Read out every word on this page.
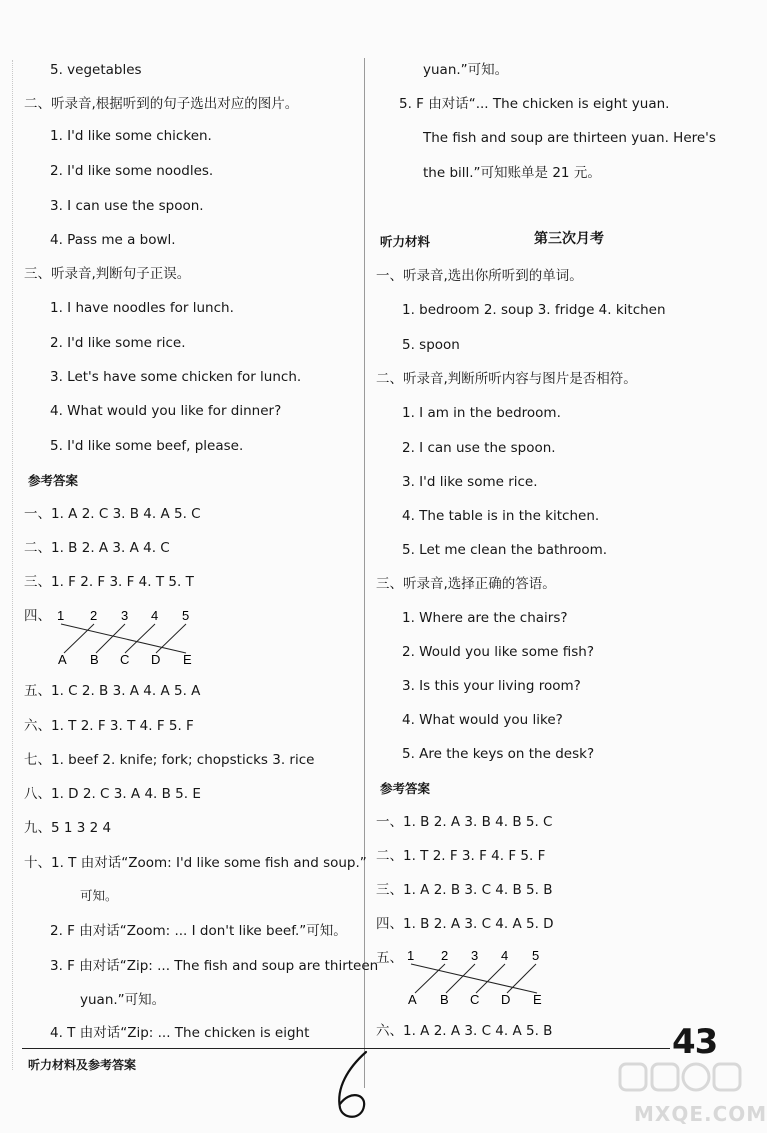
5. vegetables
二、听录音,根据听到的句子选出对应的图片。
1. I'd like some chicken.
2. I'd like some noodles.
3. I can use the spoon.
4. Pass me a bowl.
三、听录音,判断句子正误。
1. I have noodles for lunch.
2. I'd like some rice.
3. Let's have some chicken for lunch.
4. What would you like for dinner?
5. I'd like some beef, please.
参考答案
一、1. A 2. C 3. B 4. A 5. C
二、1. B 2. A 3. A 4. C
三、1. F 2. F 3. F 4. T 5. T
四、 1 2 3 4 5
A B C D E
五、1. C 2. B 3. A 4. A 5. A
六、1. T 2. F 3. T 4. F 5. F
七、1. beef 2. knife; fork; chopsticks 3. rice
八、1. D 2. C 3. A 4. B 5. E
九、5 1 3 2 4
十、1. T 由对话“Zoom: I'd like some fish and soup.”
可知。
2. F 由对话“Zoom: ... I don't like beef.”可知。
3. F 由对话“Zip: ... The fish and soup are thirteen
yuan.”可知。
4. T 由对话“Zip: ... The chicken is eight
yuan.”可知。
5. F 由对话“... The chicken is eight yuan.
The fish and soup are thirteen yuan. Here's
the bill.”可知账单是 21 元。
第三次月考
听力材料
一、听录音,选出你所听到的单词。
1. bedroom 2. soup 3. fridge 4. kitchen
5. spoon
二、听录音,判断所听内容与图片是否相符。
1. I am in the bedroom.
2. I can use the spoon.
3. I'd like some rice.
4. The table is in the kitchen.
5. Let me clean the bathroom.
三、听录音,选择正确的答语。
1. Where are the chairs?
2. Would you like some fish?
3. Is this your living room?
4. What would you like?
5. Are the keys on the desk?
参考答案
一、1. B 2. A 3. B 4. B 5. C
二、1. T 2. F 3. F 4. F 5. F
三、1. A 2. B 3. C 4. B 5. B
四、1. B 2. A 3. C 4. A 5. D
五、
六、1. A 2. A 3. C 4. A 5. B
1 2 3 4 5
A B C D E
听力材料及参考答案
43
MXQE.COM
